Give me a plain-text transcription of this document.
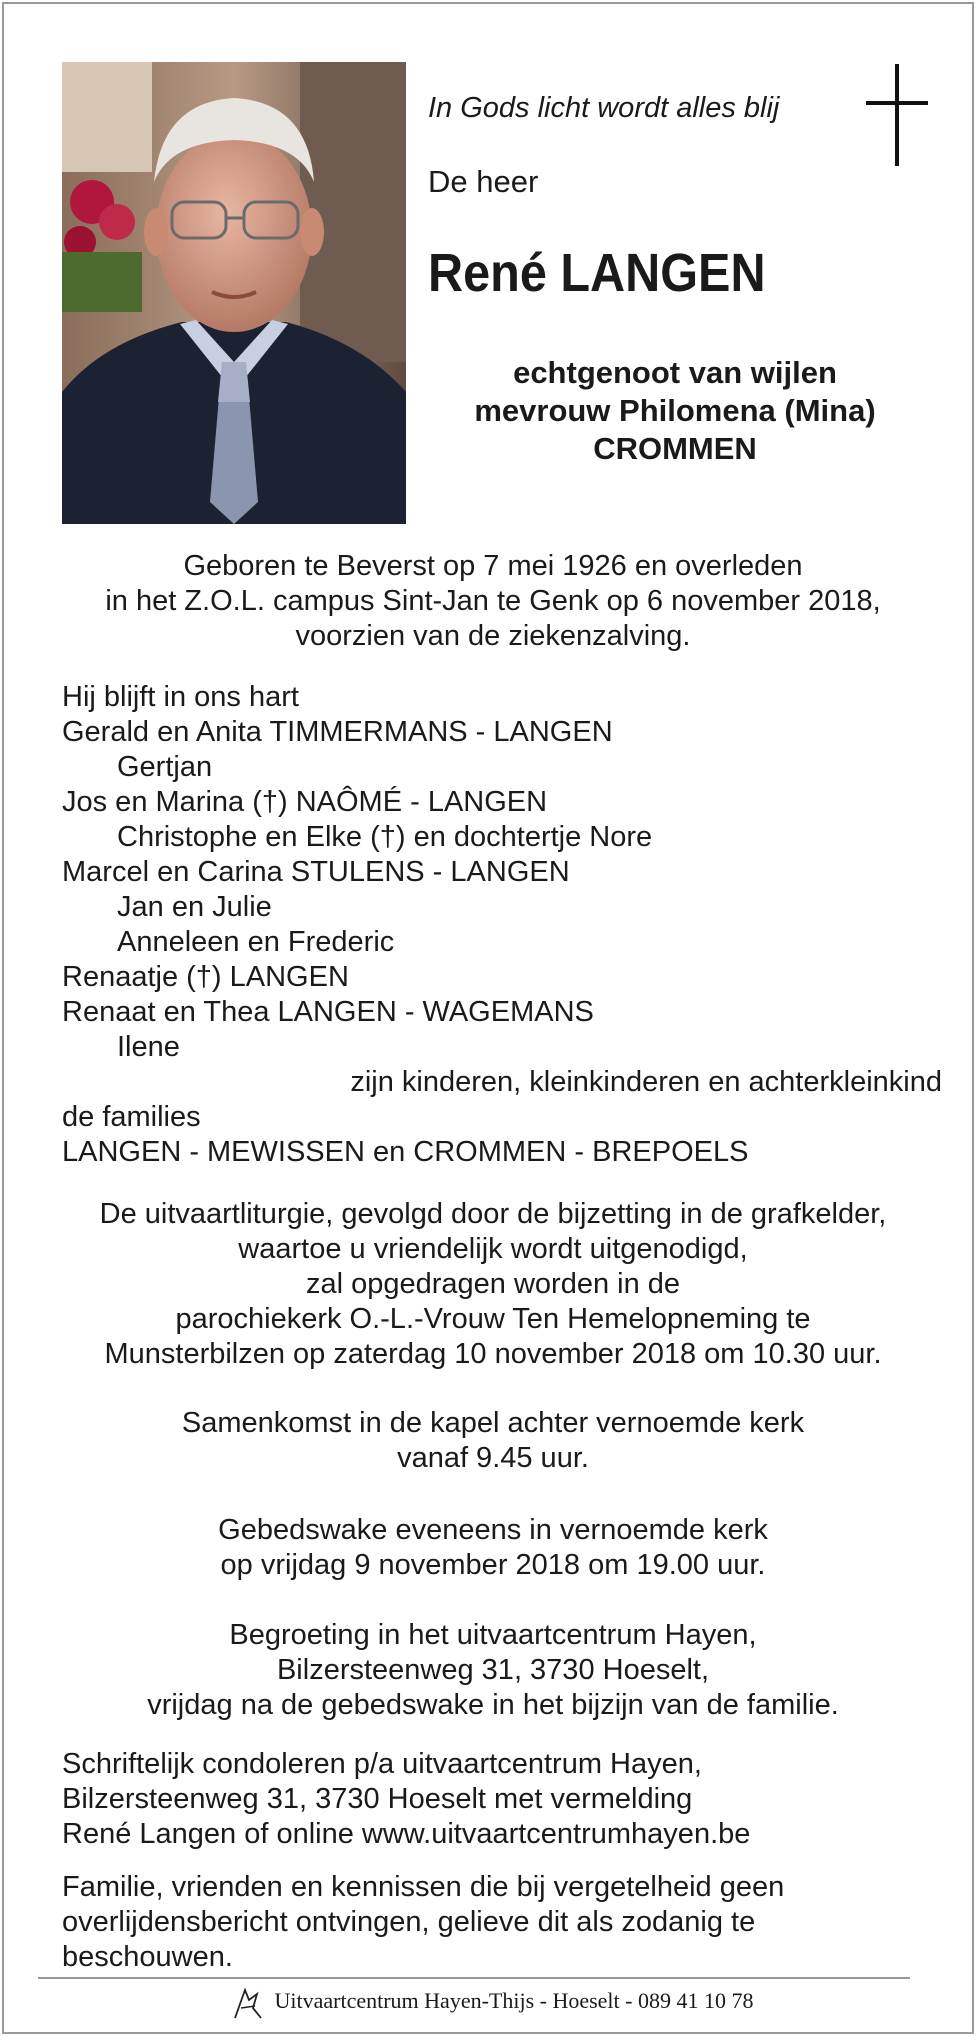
In Gods licht wordt alles blij

De heer

René LANGEN
echtgenoot van wijlen
mevrouw Philomena (Mina)
CROMMEN
Geboren te Beverst op 7 mei 1926 en overleden
in het Z.O.L. campus Sint-Jan te Genk op 6 november 2018,
voorzien van de ziekenzalving.
Hij blijft in ons hart
Gerald en Anita TIMMERMANS - LANGEN
Gertjan
Jos en Marina (†) NAÔMÉ - LANGEN
Christophe en Elke (†) en dochtertje Nore
Marcel en Carina STULENS - LANGEN
Jan en Julie
Anneleen en Frederic
Renaatje (†) LANGEN
Renaat en Thea LANGEN - WAGEMANS
Ilene
zijn kinderen, kleinkinderen en achterkleinkind
de families
LANGEN - MEWISSEN en CROMMEN - BREPOELS
De uitvaartliturgie, gevolgd door de bijzetting in de grafkelder,
waartoe u vriendelijk wordt uitgenodigd,
zal opgedragen worden in de
parochiekerk O.-L.-Vrouw Ten Hemelopneming te
Munsterbilzen op zaterdag 10 november 2018 om 10.30 uur.
Samenkomst in de kapel achter vernoemde kerk
vanaf 9.45 uur.
Gebedswake eveneens in vernoemde kerk
op vrijdag 9 november 2018 om 19.00 uur.
Begroeting in het uitvaartcentrum Hayen,
Bilzersteenweg 31, 3730 Hoeselt,
vrijdag na de gebedswake in het bijzijn van de familie.
Schriftelijk condoleren p/a uitvaartcentrum Hayen,
Bilzersteenweg 31, 3730 Hoeselt met vermelding
René Langen of online www.uitvaartcentrumhayen.be
Familie, vrienden en kennissen die bij vergetelheid geen
overlijdensbericht ontvingen, gelieve dit als zodanig te
beschouwen.
Uitvaartcentrum Hayen-Thijs - Hoeselt - 089 41 10 78
